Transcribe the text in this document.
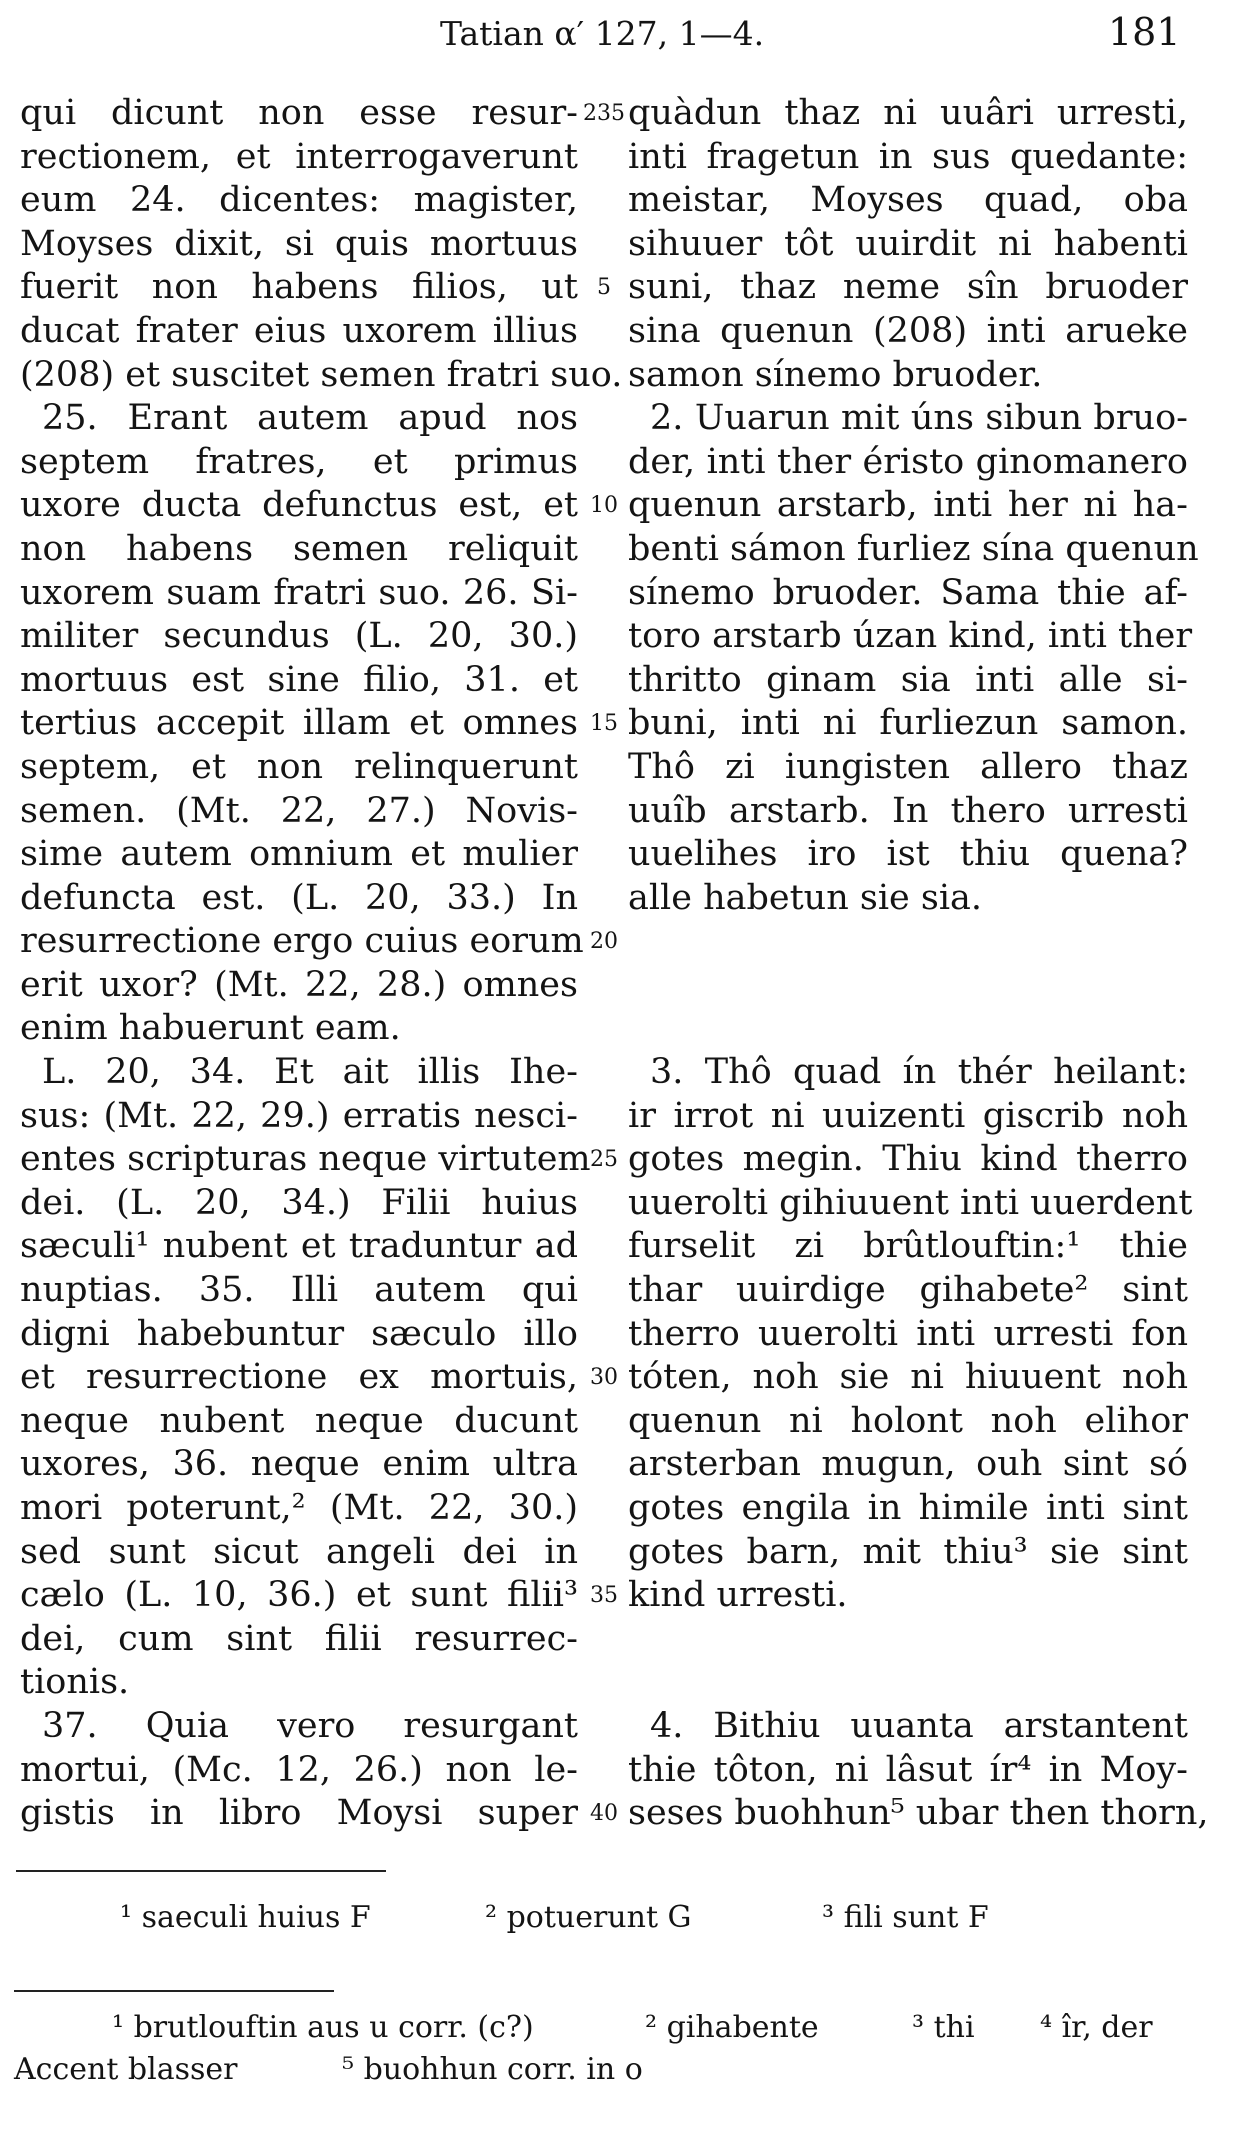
Tatian α′ 127, 1—4.	181
qui dicunt non esse resur-
rectionem, et interrogaverunt
eum 24. dicentes: magister,
Moyses dixit, si quis mortuus
fuerit non habens filios, ut
ducat frater eius uxorem illius
(208) et suscitet semen fratri suo.
25. Erant autem apud nos
septem fratres, et primus
uxore ducta defunctus est, et
non habens semen reliquit
uxorem suam fratri suo. 26. Si-
militer secundus (L. 20, 30.)
mortuus est sine filio, 31. et
tertius accepit illam et omnes
septem, et non relinquerunt
semen. (Mt. 22, 27.) Novis-
sime autem omnium et mulier
defuncta est. (L. 20, 33.) In
resurrectione ergo cuius eorum
erit uxor? (Mt. 22, 28.) omnes
enim habuerunt eam.
L. 20, 34. Et ait illis Ihe-
sus: (Mt. 22, 29.) erratis nesci-
entes scripturas neque virtutem
dei. (L. 20, 34.) Filii huius
sæculi¹ nubent et traduntur ad
nuptias. 35. Illi autem qui
digni habebuntur sæculo illo
et resurrectione ex mortuis,
neque nubent neque ducunt
uxores, 36. neque enim ultra
mori poterunt,² (Mt. 22, 30.)
sed sunt sicut angeli dei in
cælo (L. 10, 36.) et sunt filii³
dei, cum sint filii resurrec-
tionis.
37. Quia vero resurgant
mortui, (Mc. 12, 26.) non le-
gistis in libro Moysi super
quàdun thaz ni uuâri urresti,
inti fragetun in sus quedante:
meistar, Moyses quad, oba
sihuuer tôt uuirdit ni habenti
suni, thaz neme sîn bruoder
sina quenun (208) inti arueke
samon sínemo bruoder.
2. Uuarun mit úns sibun bruo-
der, inti ther éristo ginomanero
quenun arstarb, inti her ni ha-
benti sámon furliez sína quenun
sínemo bruoder. Sama thie af-
toro arstarb úzan kind, inti ther
thritto ginam sia inti alle si-
buni, inti ni furliezun samon.
Thô zi iungisten allero thaz
uuîb arstarb. In thero urresti
uuelihes iro ist thiu quena?
alle habetun sie sia.
3. Thô quad ín thér heilant:
ir irrot ni uuizenti giscrib noh
gotes megin. Thiu kind therro
uuerolti gihiuuent inti uuerdent
furselit zi brûtlouftin:¹ thie
thar uuirdige gihabete² sint
therro uuerolti inti urresti fon
tóten, noh sie ni hiuuent noh
quenun ni holont noh elihor
arsterban mugun, ouh sint só
gotes engila in himile inti sint
gotes barn, mit thiu³ sie sint
kind urresti.
4. Bithiu uuanta arstantent
thie tôton, ni lâsut ír⁴ in Moy-
seses buohhun⁵ ubar then thorn,
235
5
10
15
20
25
30
35
40
¹ saeculi huius F	² potuerunt G	³ fili sunt F
¹ brutlouftin aus u corr. (c?)	² gihabente	³ thi ⁴ îr, der
Accent blasser	⁵ buohhun corr. in o
